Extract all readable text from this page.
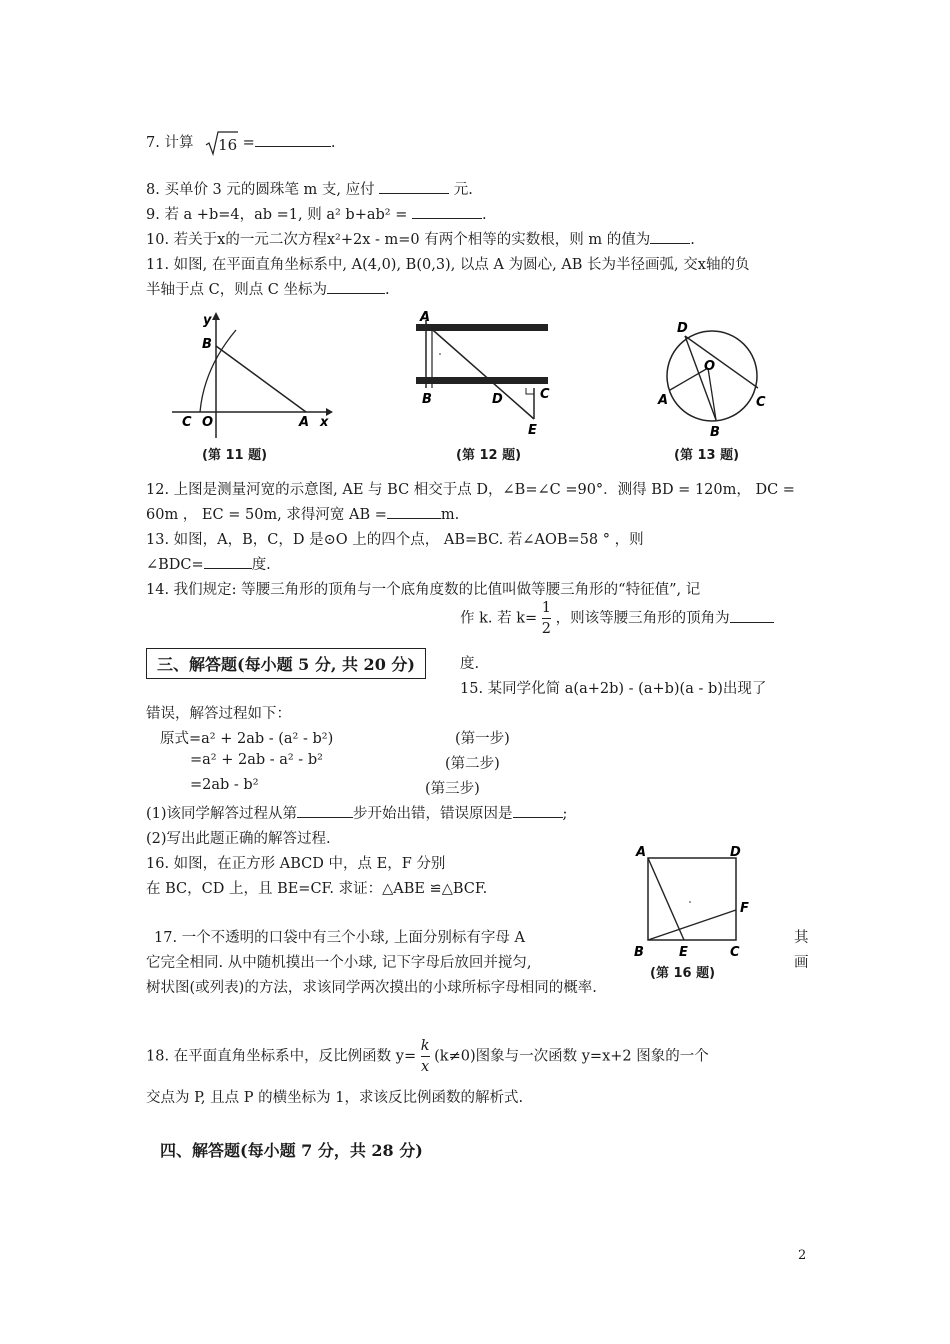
7. 计算 16 =	.
8. 买单价 3 元的圆珠笔 m 支, 应付	元.
9. 若 a +b=4，ab =1, 则 a² b+ab² =	.
10. 若关于x的一元二次方程x²+2x - m=0 有两个相等的实数根，则 m 的值为	.
11. 如图, 在平面直角坐标系中, A(4,0), B(0,3), 以点 A 为圆心, AB 长为半径画弧, 交x轴的负
半轴于点 C，则点 C 坐标为	.
y
B
C O	A x
(第 11 题)
A
B	D	C
E
(第 12 题)
D
O
A
B
C
(第 13 题)
12. 上图是测量河宽的示意图, AE 与 BC 相交于点 D，∠B=∠C =90°．测得 BD = 120m， DC =
60m ， EC = 50m, 求得河宽 AB =	m.
13. 如图，A，B，C，D 是⊙O 上的四个点， AB=BC. 若∠AOB=58 ° ，则
∠BDC=	度.
14. 我们规定: 等腰三角形的顶角与一个底角度数的比值叫做等腰三角形的“特征值”, 记
作 k. 若 $k= \frac{1}{2}$ ，则该等腰三角形的顶角为
度.
三、解答题(每小题 5 分, 共 20 分)
15. 某同学化简 a(a+2b) - (a+b)(a - b)出现了
错误，解答过程如下：
原式=a² + 2ab - (a² - b²)	(第一步)
=a² + 2ab - a² - b²	(第二步)
=2ab - b²	(第三步)
(1)该同学解答过程从第	步开始出错，错误原因是	;
(2)写出此题正确的解答过程.
16. 如图，在正方形 ABCD 中，点 E，F 分别
在 BC，CD 上，且 BE=CF. 求证：△ABE ≌△BCF.
17. 一个不透明的口袋中有三个小球, 上面分别标有字母 A	其
它完全相同. 从中随机摸出一个小球, 记下字母后放回并搅匀,	画
树状图(或列表)的方法，求该同学两次摸出的小球所标字母相同的概率.
A	D
F
B	E	C
(第 16 题)
18. 在平面直角坐标系中，反比例函数 $y= \frac{k}{x} (k\ne 0)$图象与一次函数 y=x+2 图象的一个
交点为 P, 且点 P 的横坐标为 1，求该反比例函数的解析式.
四、解答题(每小题 7 分，共 28 分)
2
